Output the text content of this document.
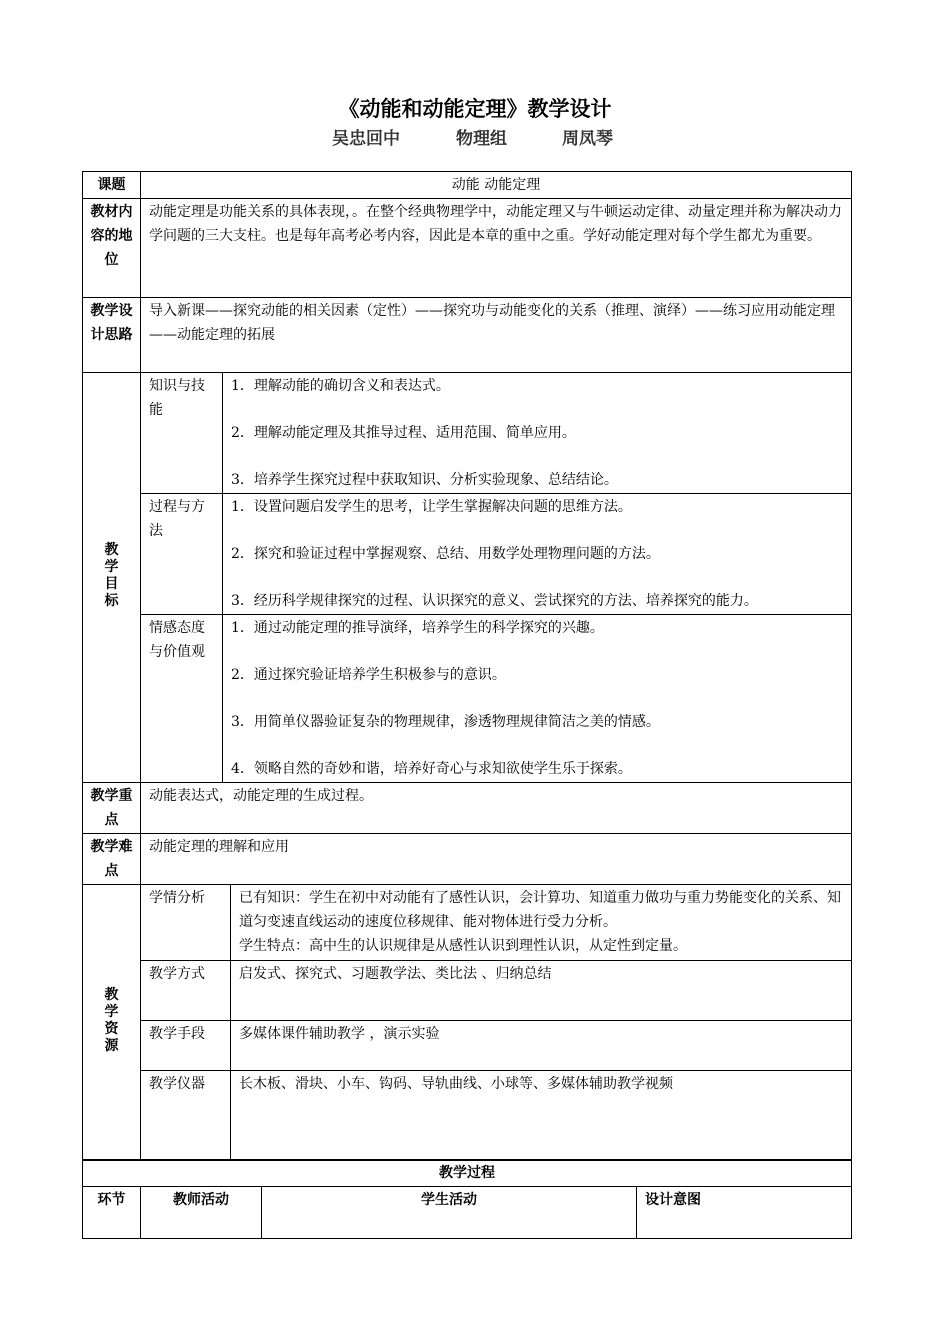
《动能和动能定理》教学设计
吴忠回中	物理组	周凤琴
课题	动能 动能定理		
教材内容的地位	动能定理是功能关系的具体表现，。在整个经典物理学中，动能定理又与牛顿运动定律、动量定理并称为解决动力学问题的三大支柱。也是每年高考必考内容，因此是本章的重中之重。学好动能定理对每个学生都尤为重要。		
教学设计思路	导入新课——探究动能的相关因素（定性）——探究功与动能变化的关系（推理、演绎）——练习应用动能定理——动能定理的拓展		
教学目标	知识与技能	1．理解动能的确切含义和表达式。

2．理解动能定理及其推导过程、适用范围、简单应用。

3．培养学生探究过程中获取知识、分析实验现象、总结结论。	

	过程与方法	1．设置问题启发学生的思考，让学生掌握解决问题的思维方法。

2．探究和验证过程中掌握观察、总结、用数学处理物理问题的方法。

3．经历科学规律探究的过程、认识探究的意义、尝试探究的方法、培养探究的能力。	

	情感态度与价值观	1．通过动能定理的推导演绎，培养学生的科学探究的兴趣。

2．通过探究验证培养学生积极参与的意识。

3．用简单仪器验证复杂的物理规律，渗透物理规律简洁之美的情感。

4．领略自然的奇妙和谐，培养好奇心与求知欲使学生乐于探索。	

教学重点	动能表达式，动能定理的生成过程。		
教学难点	动能定理的理解和应用		
教学资源	学情分析		已有知识：学生在初中对动能有了感性认识，会计算功、知道重力做功与重力势能变化的关系、知道匀变速直线运动的速度位移规律、能对物体进行受力分析。
学生特点：高中生的认识规律是从感性认识到理性认识，从定性到定量。

	教学方式		启发式、探究式、习题教学法、类比法 、归纳总结
	教学手段		多媒体课件辅助教学 ，演示实验
	教学仪器		长木板、滑块、小车、钩码、导轨曲线、小球等、多媒体辅助教学视频
教学过程
环节	教师活动	学生活动	设计意图
